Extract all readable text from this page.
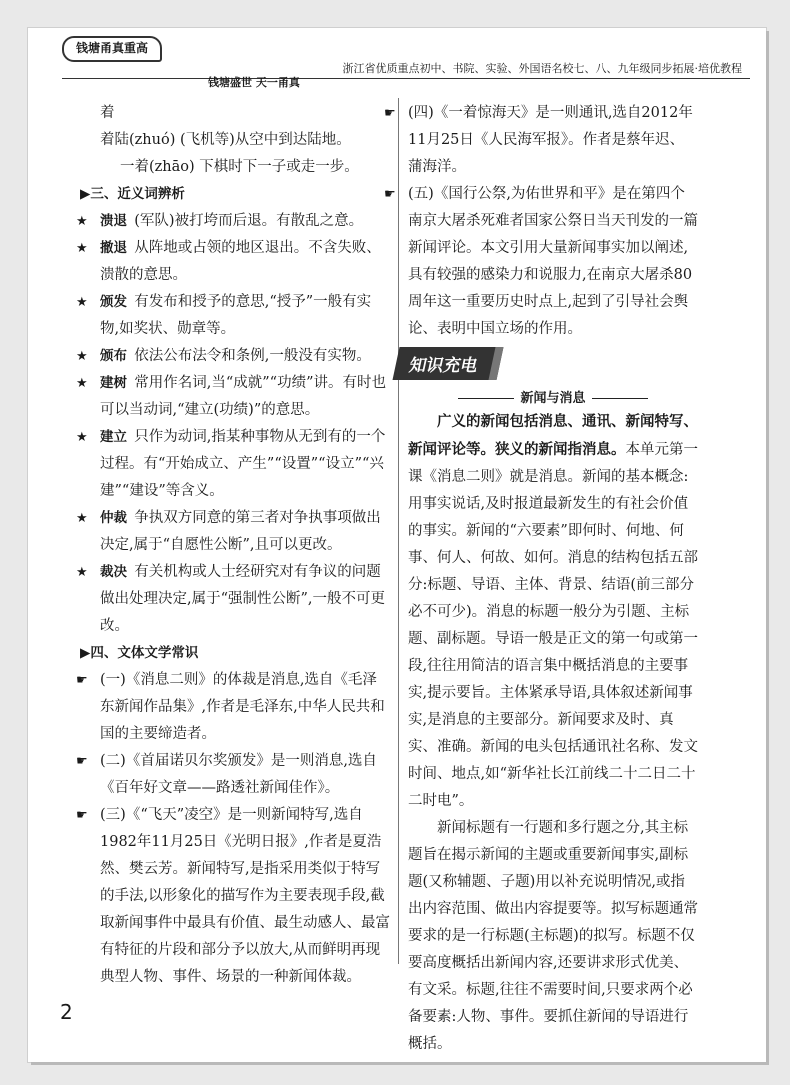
钱塘甬真重高
浙江省优质重点初中、书院、实验、外国语名校七、八、九年级同步拓展·培优教程
钱塘盛世 天一甬真

着

着陆(zhuó) (飞机等)从空中到达陆地。

一着(zhāo) 下棋时下一子或走一步。

▶三、近义词辨析

★ 溃退  (军队)被打垮而后退。有散乱之意。
★ 撤退  从阵地或占领的地区退出。不含失败、溃散的意思。
★ 颁发  有发布和授予的意思,“授予”一般有实物,如奖状、勋章等。
★ 颁布  依法公布法令和条例,一般没有实物。
★ 建树  常用作名词,当“成就”“功绩”讲。有时也可以当动词,“建立(功绩)”的意思。
★ 建立  只作为动词,指某种事物从无到有的一个过程。有“开始成立、产生”“设置”“设立”“兴建”“建设”等含义。
★ 仲裁  争执双方同意的第三者对争执事项做出决定,属于“自愿性公断”,且可以更改。
★ 裁决  有关机构或人士经研究对有争议的问题做出处理决定,属于“强制性公断”,一般不可更改。

▶四、文体文学常识

☛ (一)《消息二则》的体裁是消息,选自《毛泽东新闻作品集》,作者是毛泽东,中华人民共和国的主要缔造者。
☛ (二)《首届诺贝尔奖颁发》是一则消息,选自《百年好文章——路透社新闻佳作》。
☛ (三)《“飞天”凌空》是一则新闻特写,选自1982年11月25日《光明日报》,作者是夏浩然、樊云芳。新闻特写,是指采用类似于特写的手法,以形象化的描写作为主要表现手段,截取新闻事件中最具有价值、最生动感人、最富有特征的片段和部分予以放大,从而鲜明再现典型人物、事件、场景的一种新闻体裁。
☛ (四)《一着惊海天》是一则通讯,选自2012年11月25日《人民海军报》。作者是蔡年迟、蒲海洋。
☛ (五)《国行公祭,为佑世界和平》是在第四个南京大屠杀死难者国家公祭日当天刊发的一篇新闻评论。本文引用大量新闻事实加以阐述,具有较强的感染力和说服力,在南京大屠杀80周年这一重要历史时点上,起到了引导社会舆论、表明中国立场的作用。
知识充电
新闻与消息

广义的新闻包括消息、通讯、新闻特写、新闻评论等。狭义的新闻指消息。本单元第一课《消息二则》就是消息。新闻的基本概念:用事实说话,及时报道最新发生的有社会价值的事实。新闻的“六要素”即何时、何地、何事、何人、何故、如何。消息的结构包括五部分:标题、导语、主体、背景、结语(前三部分必不可少)。消息的标题一般分为引题、主标题、副标题。导语一般是正文的第一句或第一段,往往用简洁的语言集中概括消息的主要事实,提示要旨。主体紧承导语,具体叙述新闻事实,是消息的主要部分。新闻要求及时、真实、准确。新闻的电头包括通讯社名称、发文时间、地点,如“新华社长江前线二十二日二十二时电”。

新闻标题有一行题和多行题之分,其主标题旨在揭示新闻的主题或重要新闻事实,副标题(又称辅题、子题)用以补充说明情况,或指出内容范围、做出内容提要等。拟写标题通常要求的是一行标题(主标题)的拟写。标题不仅要高度概括出新闻内容,还要讲求形式优美、有文采。标题,往往不需要时间,只要求两个必备要素:人物、事件。要抓住新闻的导语进行概括。

2
